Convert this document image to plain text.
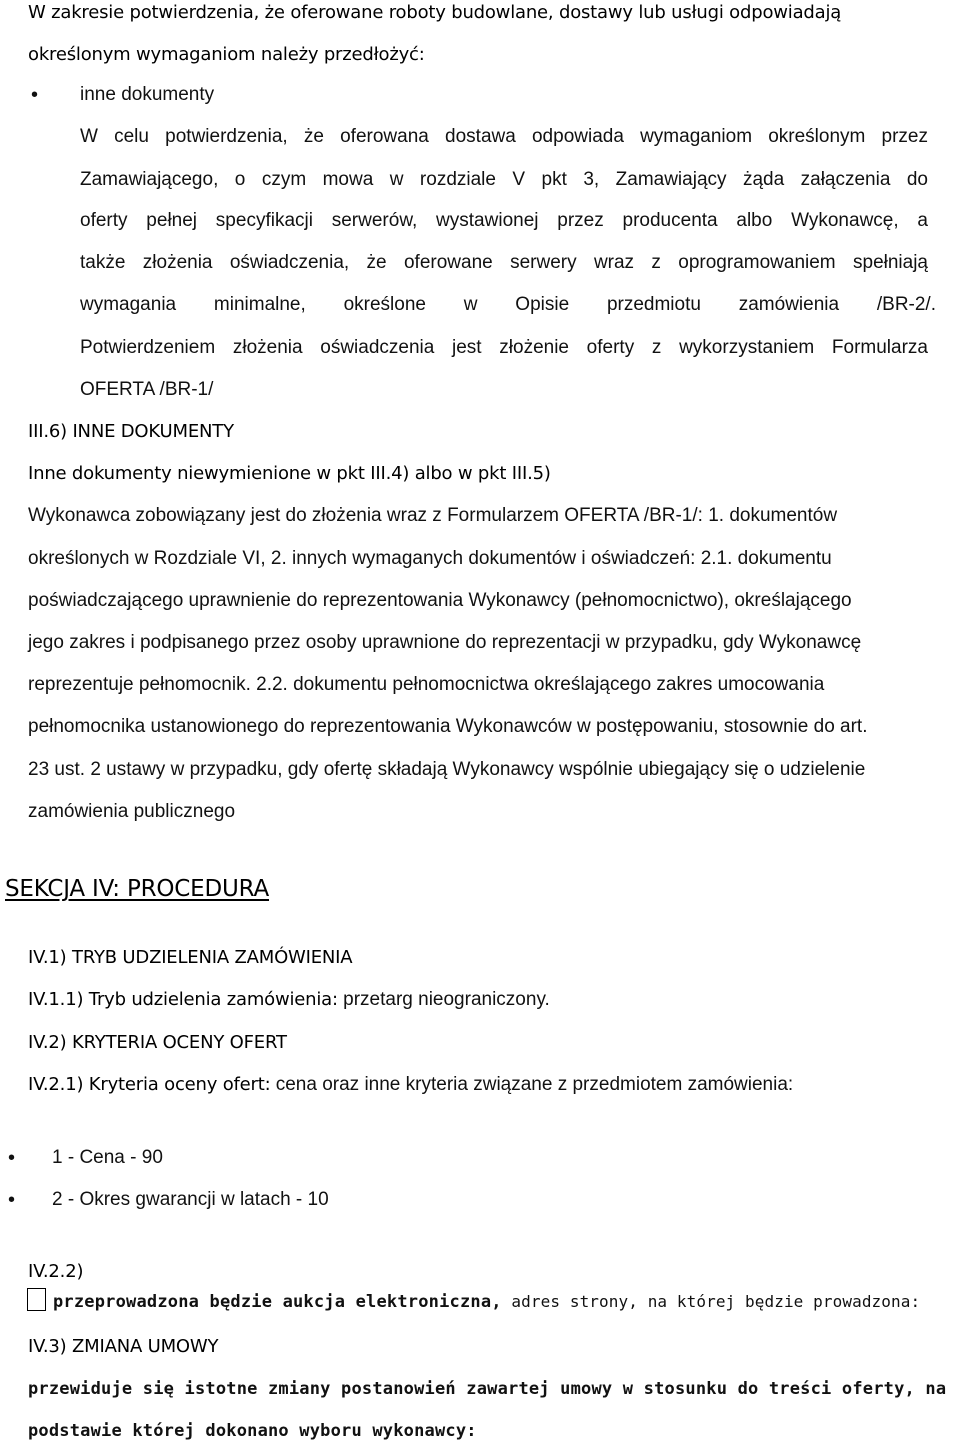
W zakresie potwierdzenia, że oferowane roboty budowlane, dostawy lub usługi odpowiadają
określonym wymaganiom należy przedłożyć:
• inne dokumenty
W celu potwierdzenia, że oferowana dostawa odpowiada wymaganiom określonym przez
Zamawiającego, o czym mowa w rozdziale V pkt 3, Zamawiający żąda załączenia do
oferty pełnej specyfikacji serwerów, wystawionej przez producenta albo Wykonawcę, a
także złożenia oświadczenia, że oferowane serwery wraz z oprogramowaniem spełniają
wymagania minimalne, określone w Opisie przedmiotu zamówienia /BR-2/.
Potwierdzeniem złożenia oświadczenia jest złożenie oferty z wykorzystaniem Formularza
OFERTA /BR-1/
III.6) INNE DOKUMENTY
Inne dokumenty niewymienione w pkt III.4) albo w pkt III.5)
Wykonawca zobowiązany jest do złożenia wraz z Formularzem OFERTA /BR-1/: 1. dokumentów
określonych w Rozdziale VI, 2. innych wymaganych dokumentów i oświadczeń: 2.1. dokumentu
poświadczającego uprawnienie do reprezentowania Wykonawcy (pełnomocnictwo), określającego
jego zakres i podpisanego przez osoby uprawnione do reprezentacji w przypadku, gdy Wykonawcę
reprezentuje pełnomocnik. 2.2. dokumentu pełnomocnictwa określającego zakres umocowania
pełnomocnika ustanowionego do reprezentowania Wykonawców w postępowaniu, stosownie do art.
23 ust. 2 ustawy w przypadku, gdy ofertę składają Wykonawcy wspólnie ubiegający się o udzielenie
zamówienia publicznego
SEKCJA IV: PROCEDURA
IV.1) TRYB UDZIELENIA ZAMÓWIENIA
IV.1.1) Tryb udzielenia zamówienia: przetarg nieograniczony.
IV.2) KRYTERIA OCENY OFERT
IV.2.1) Kryteria oceny ofert: cena oraz inne kryteria związane z przedmiotem zamówienia:
• 1 - Cena - 90
• 2 - Okres gwarancji w latach - 10
IV.2.2)
przeprowadzona będzie aukcja elektroniczna, adres strony, na której będzie prowadzona:
IV.3) ZMIANA UMOWY
przewiduje się istotne zmiany postanowień zawartej umowy w stosunku do treści oferty, na
podstawie której dokonano wyboru wykonawcy:
